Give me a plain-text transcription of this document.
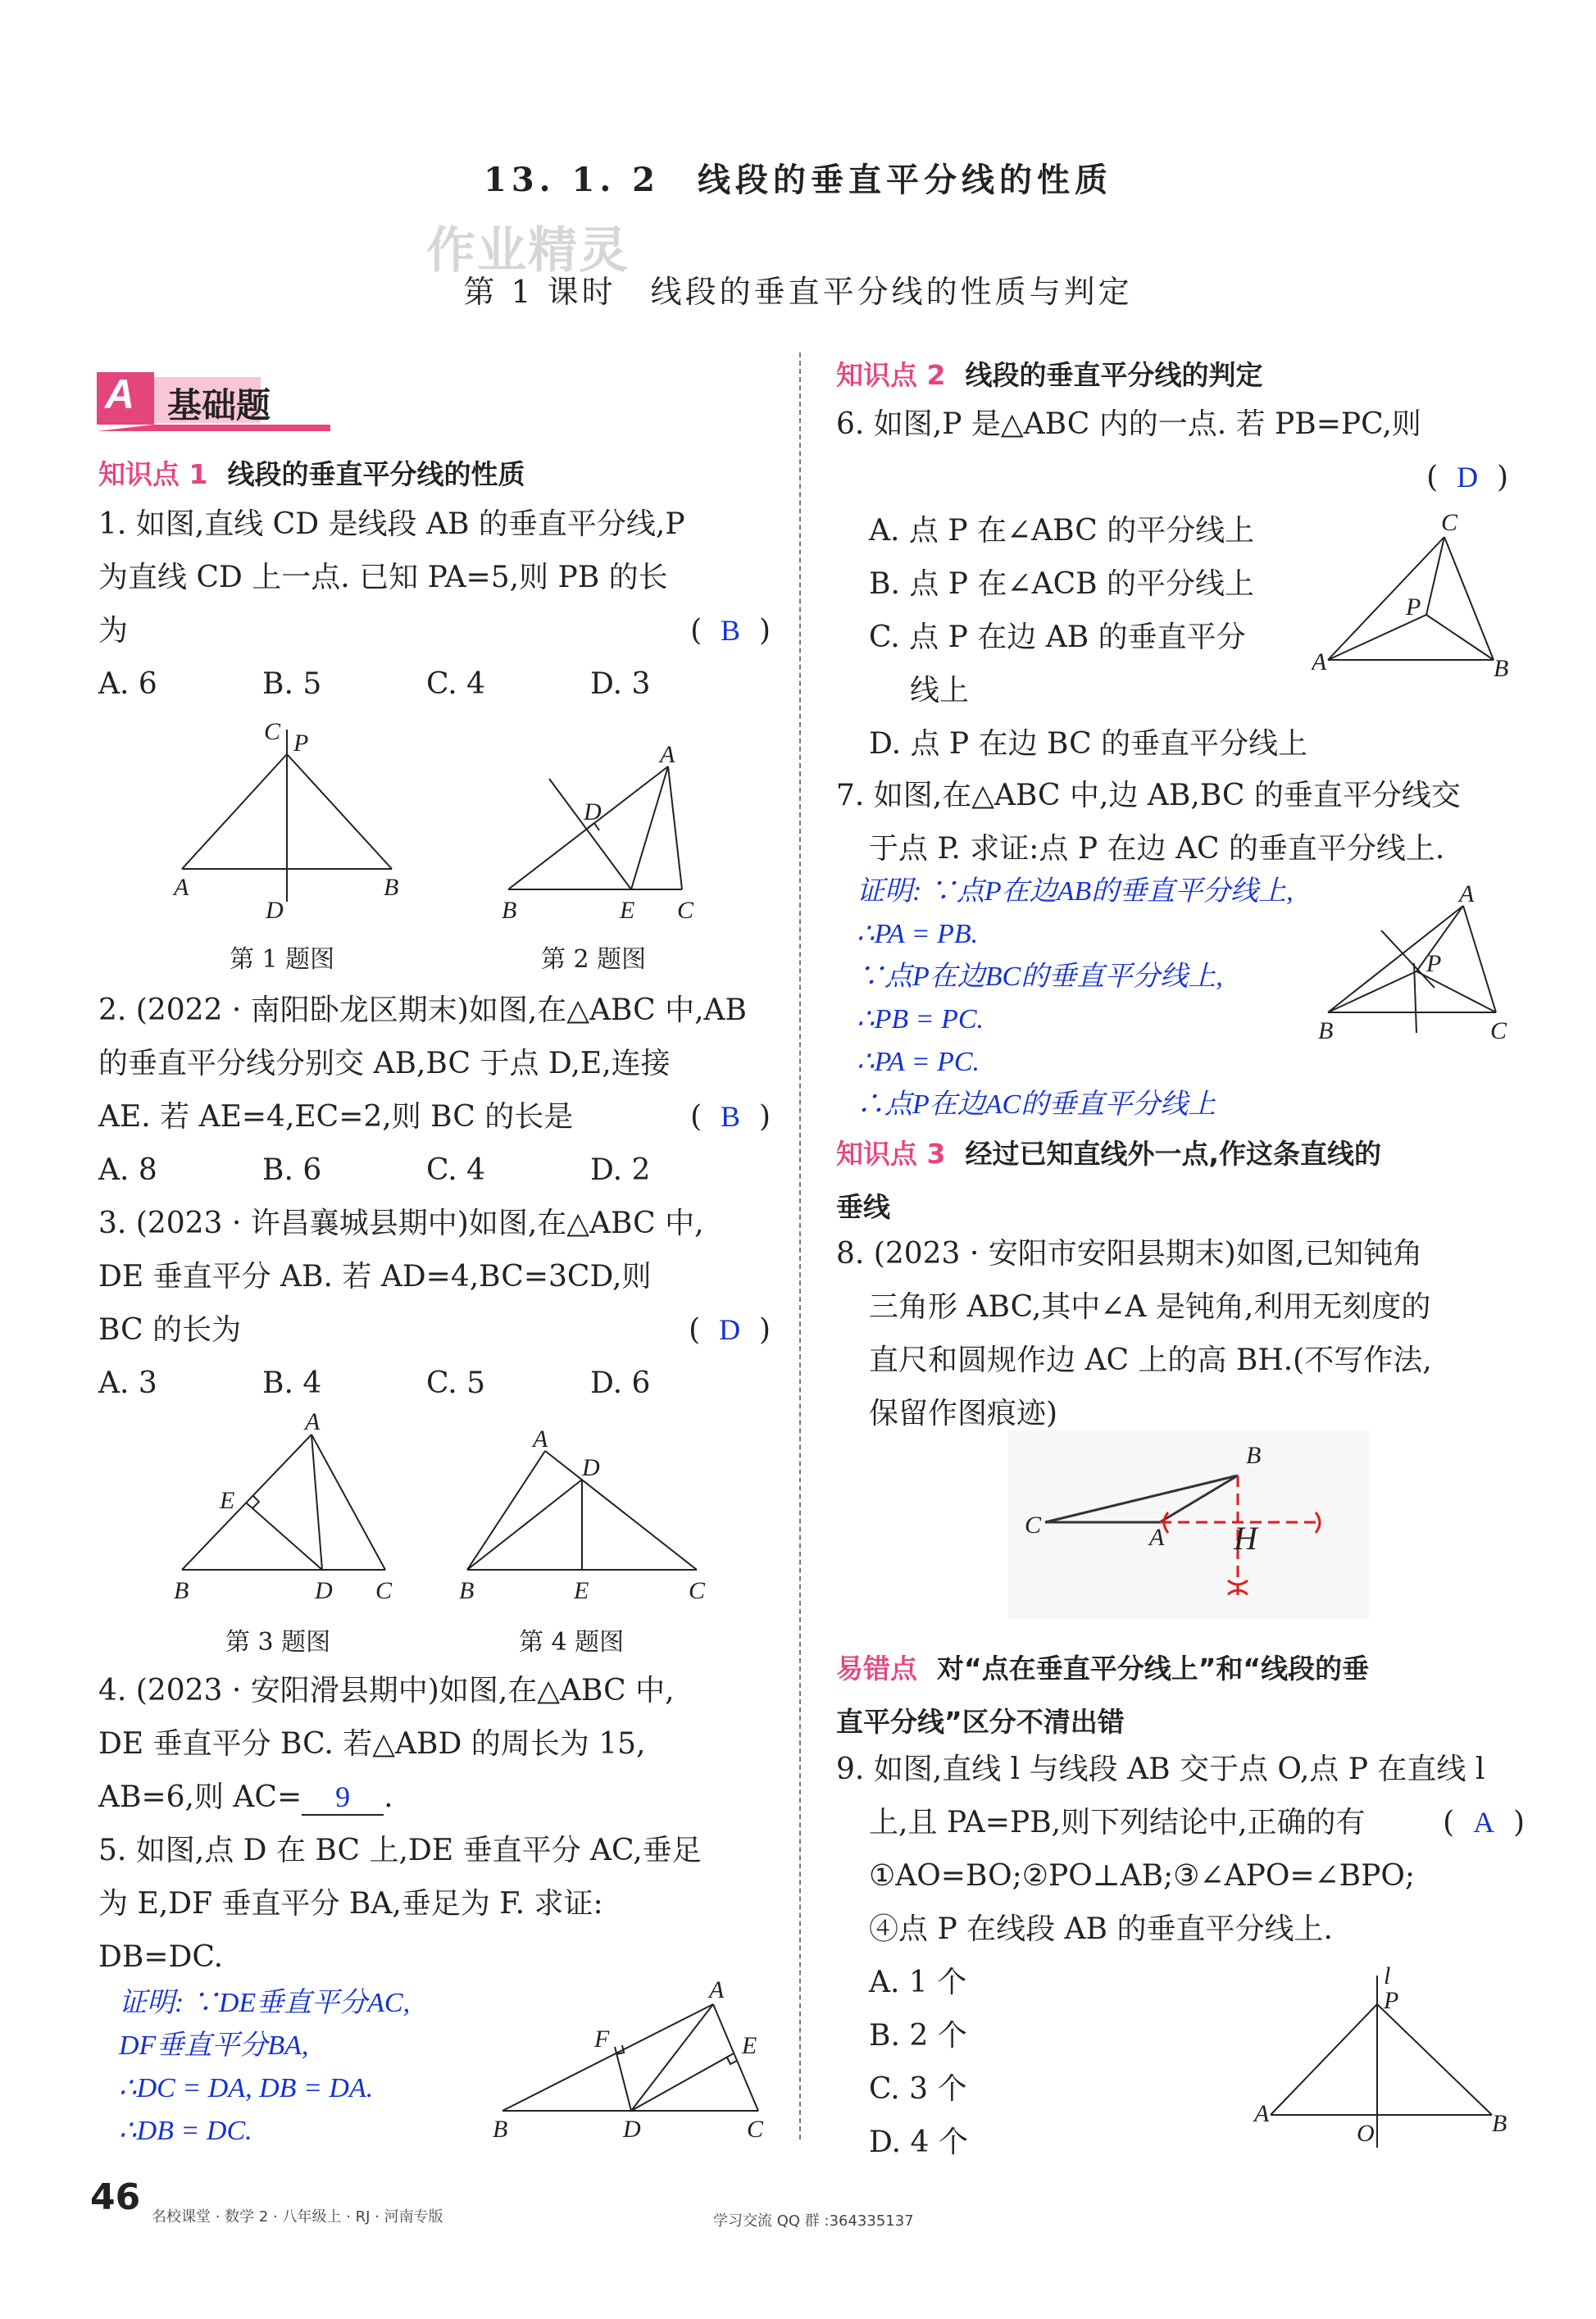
13. 1. 2　线段的垂直平分线的性质
作业精灵
第 1 课时　线段的垂直平分线的性质与判定
A 基础题
知识点 1 线段的垂直平分线的性质
1. 如图,直线 CD 是线段 AB 的垂直平分线,P
为直线 CD 上一点. 已知 PA=5,则 PB 的长
为	(  B  )
A. 6	B. 5	C. 4	D. 3
C P
A
D
B
第 1 题图
A
D
B	E C
第 2 题图
2. (2022 · 南阳卧龙区期末)如图,在△ABC 中,AB
的垂直平分线分别交 AB,BC 于点 D,E,连接
AE. 若 AE=4,EC=2,则 BC 的长是	(  B  )
A. 8	B. 6	C. 4	D. 2
3. (2023 · 许昌襄城县期中)如图,在△ABC 中,
DE 垂直平分 AB. 若 AD=4,BC=3CD,则
BC 的长为	(  D  )
A. 3	B. 4	C. 5	D. 6
A
E
B	D C
第 3 题图
A
D
B	E	C
第 4 题图
4. (2023 · 安阳滑县期中)如图,在△ABC 中,
DE 垂直平分 BC. 若△ABD 的周长为 15,
AB=6,则 AC= 9 .
5. 如图,点 D 在 BC 上,DE 垂直平分 AC,垂足
为 E,DF 垂直平分 BA,垂足为 F. 求证:
DB=DC.
证明: ∵DE垂直平分AC,
DF垂直平分BA,
∴DC = DA, DB = DA.
∴DB = DC.
A
F	E
B	D	C
知识点 2 线段的垂直平分线的判定
6. 如图,P 是△ABC 内的一点. 若 PB=PC,则
(  D  )
A. 点 P 在∠ABC 的平分线上
B. 点 P 在∠ACB 的平分线上
C. 点 P 在边 AB 的垂直平分
线上
D. 点 P 在边 BC 的垂直平分线上
C
P
A	B
7. 如图,在△ABC 中,边 AB,BC 的垂直平分线交
于点 P. 求证:点 P 在边 AC 的垂直平分线上.
证明: ∵点P在边AB的垂直平分线上,
∴PA = PB.
∵点P在边BC的垂直平分线上,
∴PB = PC.
∴PA = PC.
∴点P在边AC的垂直平分线上
A
P
B	C
知识点 3 经过已知直线外一点,作这条直线的
垂线
8. (2023 · 安阳市安阳县期末)如图,已知钝角
三角形 ABC,其中∠A 是钝角,利用无刻度的
直尺和圆规作边 AC 上的高 BH.(不写作法,
保留作图痕迹)
B
C	A H
易错点 对“点在垂直平分线上”和“线段的垂
直平分线”区分不清出错
9. 如图,直线 l 与线段 AB 交于点 O,点 P 在直线 l
上,且 PA=PB,则下列结论中,正确的有	(  A  )
①AO=BO;②PO⊥AB;③∠APO=∠BPO;
④点 P 在线段 AB 的垂直平分线上.
A. 1 个
B. 2 个
C. 3 个
D. 4 个
l
P
A
O	B
46 名校课堂 · 数学 2 · 八年级上 · RJ · 河南专版	学习交流 QQ 群 :364335137
